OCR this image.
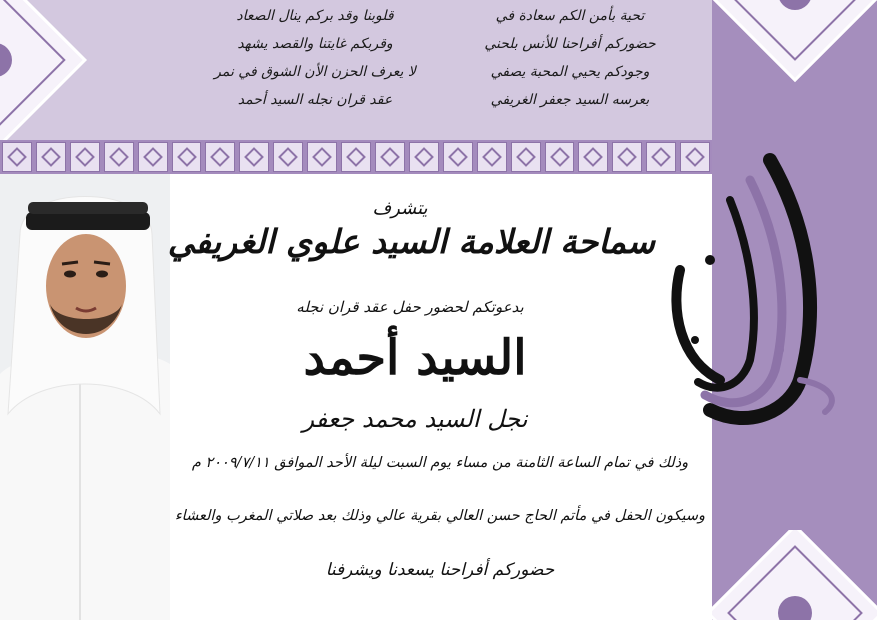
قلوبنا وقد بركم ينال الصعاد
وقربكم غايتنا والقصد يشهد
لا يعرف الحزن الأن الشوق في نمر
عقد قران نجله السيد أحمد
تحية بأمن الكم سعادة في
حضوركم أفراحنا للأنس بلحني
وجودكم يحيي المحبة يصفي
بعرسه السيد جعفر الغريفي
يتشرف
سماحة العلامة السيد علوي الغريفي
بدعوتكم لحضور حفل عقد قران نجله
السيد أحمد
نجل السيد محمد جعفر
وذلك في تمام الساعة الثامنة من مساء يوم السبت ليلة الأحد الموافق ٢٠٠٩/٧/١١ م
وسيكون الحفل في مأتم الحاج حسن العالي بقرية عالي وذلك بعد صلاتي المغرب والعشاء
حضوركم أفراحنا يسعدنا ويشرفنا
